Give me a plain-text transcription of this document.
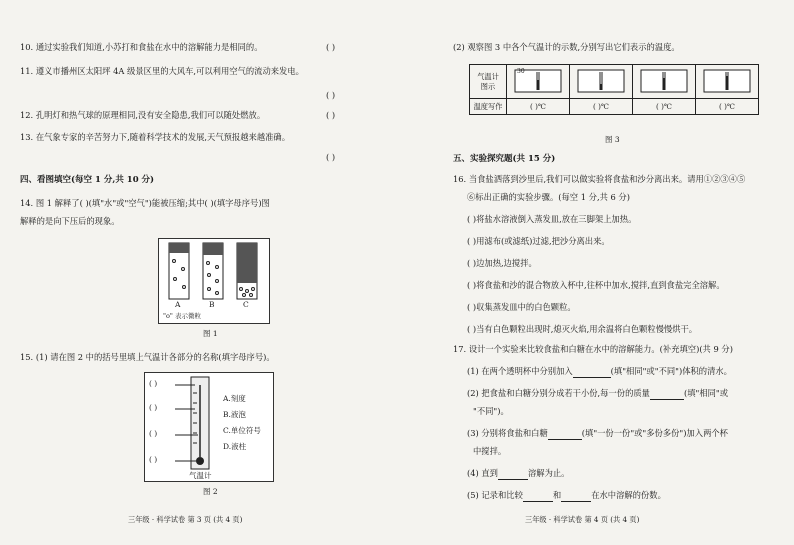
10. 通过实验我们知道,小苏打和食盐在水中的溶解能力是相同的。	( )
11. 遵义市播州区太阳坪 4A 级景区里的大风车,可以利用空气的流动来发电。
( )
12. 孔明灯和热气球的原理相同,没有安全隐患,我们可以随处燃放。	( )
13. 在气象专家的辛苦努力下,随着科学技术的发展,天气预报越来越准确。
( )
四、看图填空(每空 1 分,共 10 分)
14. 图 1 解释了( )(填"水"或"空气")能被压缩;其中( )(填字母序号)图
解释的是向下压后的现象。
A	B	C
"o" 表示微粒
图 1
15. (1) 请在图 2 中的括号里填上气温计各部分的名称(填字母序号)。
( )
( )
( )
( )
A.刻度
B.液泡
C.单位符号
D.液柱
气温计
图 2
三年级 · 科学试卷 第 3 页 (共 4 页)
(2) 观察图 3 中各个气温计的示数,分别写出它们表示的温度。
气温计
图示	30

温度写作	( )℃	( )℃	( )℃	( )℃
图 3
五、实验探究题(共 15 分)
16. 当食盐洒落到沙里后,我们可以做实验将食盐和沙分离出来。请用①②③④⑤
⑥标出正确的实验步骤。(每空 1 分,共 6 分)
( )将盐水溶液倒入蒸发皿,放在三脚架上加热。
( )用滤布(或滤纸)过滤,把沙分离出来。
( )边加热,边搅拌。
( )将食盐和沙的混合物放入杯中,往杯中加水,搅拌,直到食盐完全溶解。
( )収集蒸发皿中的白色颗粒。
( )当有白色颗粒出现时,熄灭火焰,用余温将白色颗粒慢慢烘干。
17. 设计一个实验来比较食盐和白糖在水中的溶解能力。(补充填空)(共 9 分)
(1) 在两个透明杯中分别加入	(填"相同"或"不同")体积的清水。
(2) 把食盐和白糖分别分成若干小份,每一份的质量	(填"相同"或
"不同")。
(3) 分别将食盐和白糖	(填"一份一份"或"多份多份")加入两个杯
中搅拌。
(4) 直到	溶解为止。
(5) 记录和比较	和	在水中溶解的份数。
三年级 · 科学试卷 第 4 页 (共 4 页)
